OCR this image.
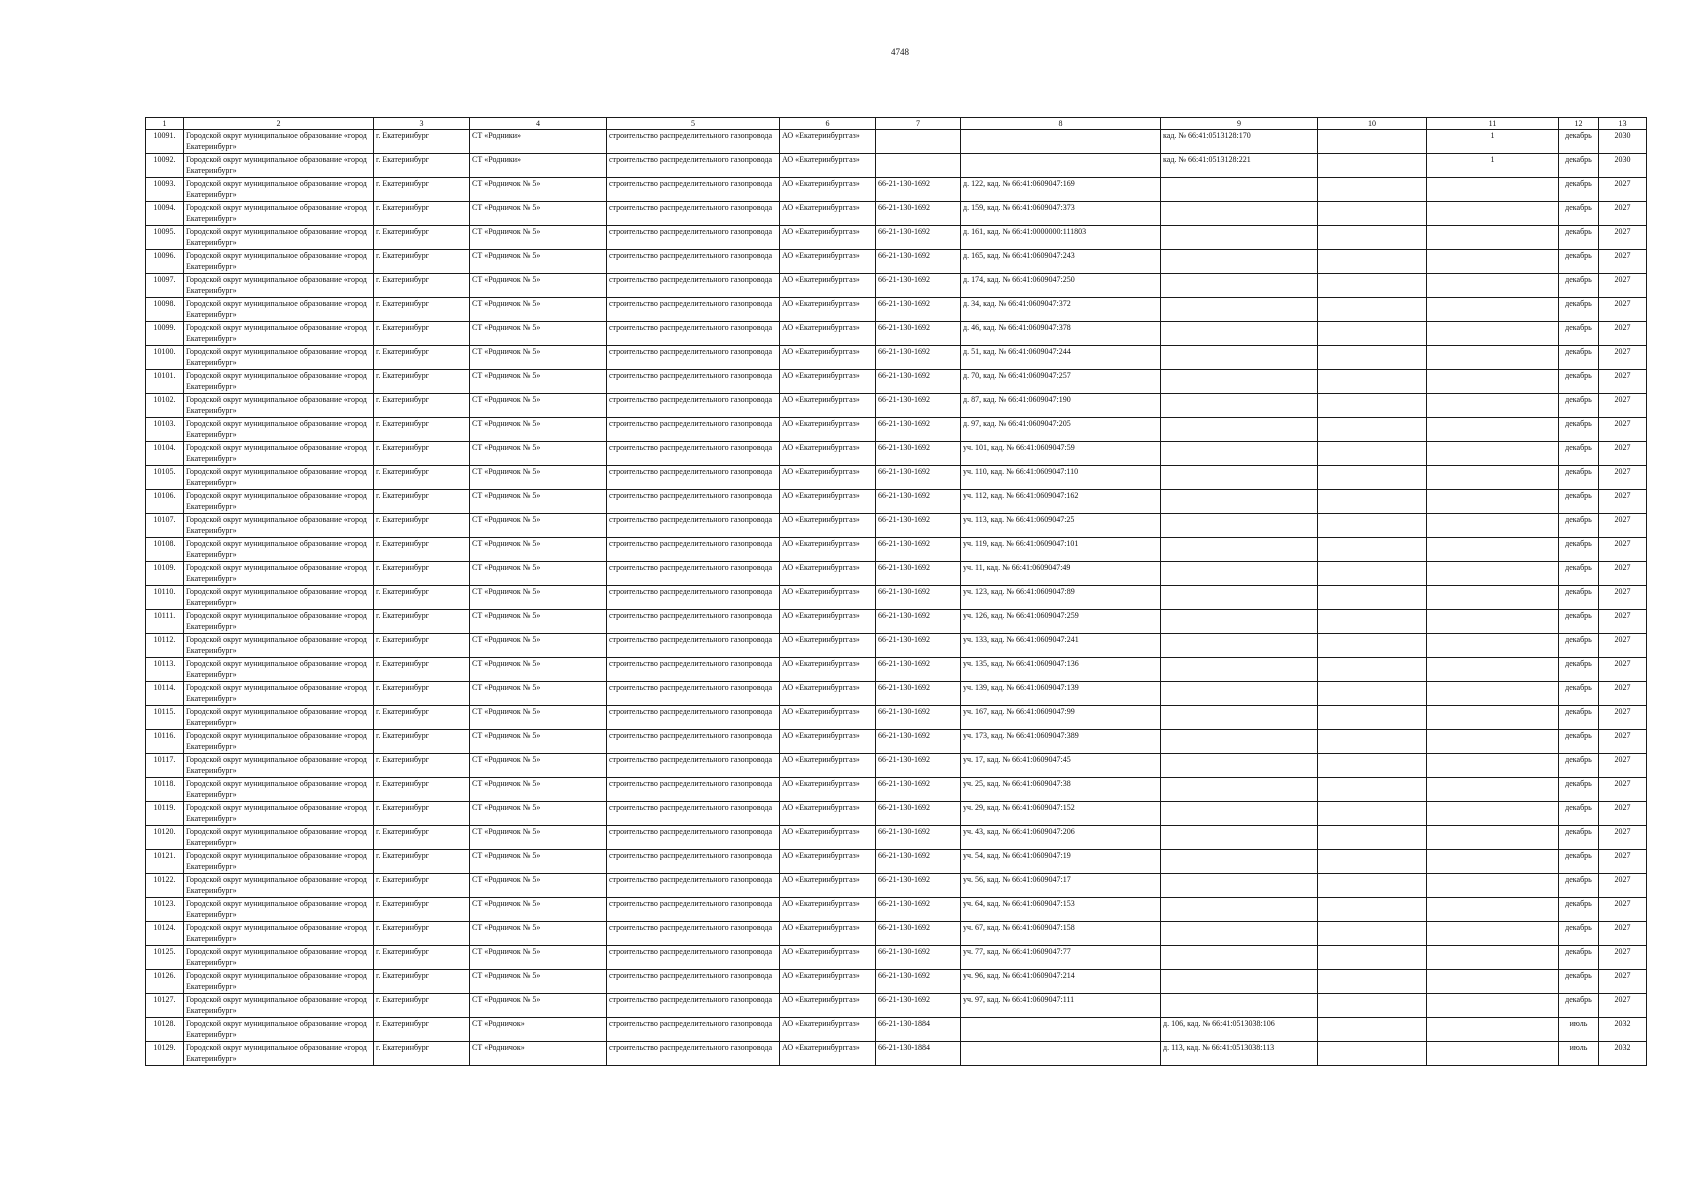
4748
1	2	3	4	5	6	7	8	9	10	11	12	13
10091.	Городской округ муниципальное образование «город Екатеринбург»	г. Екатеринбург	СТ «Родники»	строительство распределительного газопровода	АО «Екатеринбурггаз»			кад. № 66:41:0513128:170		1	декабрь	2030
10092.	Городской округ муниципальное образование «город Екатеринбург»	г. Екатеринбург	СТ «Родники»	строительство распределительного газопровода	АО «Екатеринбурггаз»			кад. № 66:41:0513128:221		1	декабрь	2030
10093.	Городской округ муниципальное образование «город Екатеринбург»	г. Екатеринбург	СТ «Родничок № 5»	строительство распределительного газопровода	АО «Екатеринбурггаз»	66-21-130-1692	д. 122, кад. № 66:41:0609047:169				декабрь	2027
10094.	Городской округ муниципальное образование «город Екатеринбург»	г. Екатеринбург	СТ «Родничок № 5»	строительство распределительного газопровода	АО «Екатеринбурггаз»	66-21-130-1692	д. 159, кад. № 66:41:0609047:373				декабрь	2027
10095.	Городской округ муниципальное образование «город Екатеринбург»	г. Екатеринбург	СТ «Родничок № 5»	строительство распределительного газопровода	АО «Екатеринбурггаз»	66-21-130-1692	д. 161, кад. № 66:41:0000000:111803				декабрь	2027
10096.	Городской округ муниципальное образование «город Екатеринбург»	г. Екатеринбург	СТ «Родничок № 5»	строительство распределительного газопровода	АО «Екатеринбурггаз»	66-21-130-1692	д. 165, кад. № 66:41:0609047:243				декабрь	2027
10097.	Городской округ муниципальное образование «город Екатеринбург»	г. Екатеринбург	СТ «Родничок № 5»	строительство распределительного газопровода	АО «Екатеринбурггаз»	66-21-130-1692	д. 174, кад. № 66:41:0609047:250				декабрь	2027
10098.	Городской округ муниципальное образование «город Екатеринбург»	г. Екатеринбург	СТ «Родничок № 5»	строительство распределительного газопровода	АО «Екатеринбурггаз»	66-21-130-1692	д. 34, кад. № 66:41:0609047:372				декабрь	2027
10099.	Городской округ муниципальное образование «город Екатеринбург»	г. Екатеринбург	СТ «Родничок № 5»	строительство распределительного газопровода	АО «Екатеринбурггаз»	66-21-130-1692	д. 46, кад. № 66:41:0609047:378				декабрь	2027
10100.	Городской округ муниципальное образование «город Екатеринбург»	г. Екатеринбург	СТ «Родничок № 5»	строительство распределительного газопровода	АО «Екатеринбурггаз»	66-21-130-1692	д. 51, кад. № 66:41:0609047:244				декабрь	2027
10101.	Городской округ муниципальное образование «город Екатеринбург»	г. Екатеринбург	СТ «Родничок № 5»	строительство распределительного газопровода	АО «Екатеринбурггаз»	66-21-130-1692	д. 70, кад. № 66:41:0609047:257				декабрь	2027
10102.	Городской округ муниципальное образование «город Екатеринбург»	г. Екатеринбург	СТ «Родничок № 5»	строительство распределительного газопровода	АО «Екатеринбурггаз»	66-21-130-1692	д. 87, кад. № 66:41:0609047:190				декабрь	2027
10103.	Городской округ муниципальное образование «город Екатеринбург»	г. Екатеринбург	СТ «Родничок № 5»	строительство распределительного газопровода	АО «Екатеринбурггаз»	66-21-130-1692	д. 97, кад. № 66:41:0609047:205				декабрь	2027
10104.	Городской округ муниципальное образование «город Екатеринбург»	г. Екатеринбург	СТ «Родничок № 5»	строительство распределительного газопровода	АО «Екатеринбурггаз»	66-21-130-1692	уч. 101, кад. № 66:41:0609047:59				декабрь	2027
10105.	Городской округ муниципальное образование «город Екатеринбург»	г. Екатеринбург	СТ «Родничок № 5»	строительство распределительного газопровода	АО «Екатеринбурггаз»	66-21-130-1692	уч. 110, кад. № 66:41:0609047:110				декабрь	2027
10106.	Городской округ муниципальное образование «город Екатеринбург»	г. Екатеринбург	СТ «Родничок № 5»	строительство распределительного газопровода	АО «Екатеринбурггаз»	66-21-130-1692	уч. 112, кад. № 66:41:0609047:162				декабрь	2027
10107.	Городской округ муниципальное образование «город Екатеринбург»	г. Екатеринбург	СТ «Родничок № 5»	строительство распределительного газопровода	АО «Екатеринбурггаз»	66-21-130-1692	уч. 113, кад. № 66:41:0609047:25				декабрь	2027
10108.	Городской округ муниципальное образование «город Екатеринбург»	г. Екатеринбург	СТ «Родничок № 5»	строительство распределительного газопровода	АО «Екатеринбурггаз»	66-21-130-1692	уч. 119, кад. № 66:41:0609047:101				декабрь	2027
10109.	Городской округ муниципальное образование «город Екатеринбург»	г. Екатеринбург	СТ «Родничок № 5»	строительство распределительного газопровода	АО «Екатеринбурггаз»	66-21-130-1692	уч. 11, кад. № 66:41:0609047:49				декабрь	2027
10110.	Городской округ муниципальное образование «город Екатеринбург»	г. Екатеринбург	СТ «Родничок № 5»	строительство распределительного газопровода	АО «Екатеринбурггаз»	66-21-130-1692	уч. 123, кад. № 66:41:0609047:89				декабрь	2027
10111.	Городской округ муниципальное образование «город Екатеринбург»	г. Екатеринбург	СТ «Родничок № 5»	строительство распределительного газопровода	АО «Екатеринбурггаз»	66-21-130-1692	уч. 126, кад. № 66:41:0609047:259				декабрь	2027
10112.	Городской округ муниципальное образование «город Екатеринбург»	г. Екатеринбург	СТ «Родничок № 5»	строительство распределительного газопровода	АО «Екатеринбурггаз»	66-21-130-1692	уч. 133, кад. № 66:41:0609047:241				декабрь	2027
10113.	Городской округ муниципальное образование «город Екатеринбург»	г. Екатеринбург	СТ «Родничок № 5»	строительство распределительного газопровода	АО «Екатеринбурггаз»	66-21-130-1692	уч. 135, кад. № 66:41:0609047:136				декабрь	2027
10114.	Городской округ муниципальное образование «город Екатеринбург»	г. Екатеринбург	СТ «Родничок № 5»	строительство распределительного газопровода	АО «Екатеринбурггаз»	66-21-130-1692	уч. 139, кад. № 66:41:0609047:139				декабрь	2027
10115.	Городской округ муниципальное образование «город Екатеринбург»	г. Екатеринбург	СТ «Родничок № 5»	строительство распределительного газопровода	АО «Екатеринбурггаз»	66-21-130-1692	уч. 167, кад. № 66:41:0609047:99				декабрь	2027
10116.	Городской округ муниципальное образование «город Екатеринбург»	г. Екатеринбург	СТ «Родничок № 5»	строительство распределительного газопровода	АО «Екатеринбурггаз»	66-21-130-1692	уч. 173, кад. № 66:41:0609047:389				декабрь	2027
10117.	Городской округ муниципальное образование «город Екатеринбург»	г. Екатеринбург	СТ «Родничок № 5»	строительство распределительного газопровода	АО «Екатеринбурггаз»	66-21-130-1692	уч. 17, кад. № 66:41:0609047:45				декабрь	2027
10118.	Городской округ муниципальное образование «город Екатеринбург»	г. Екатеринбург	СТ «Родничок № 5»	строительство распределительного газопровода	АО «Екатеринбурггаз»	66-21-130-1692	уч. 25, кад. № 66:41:0609047:38				декабрь	2027
10119.	Городской округ муниципальное образование «город Екатеринбург»	г. Екатеринбург	СТ «Родничок № 5»	строительство распределительного газопровода	АО «Екатеринбурггаз»	66-21-130-1692	уч. 29, кад. № 66:41:0609047:152				декабрь	2027
10120.	Городской округ муниципальное образование «город Екатеринбург»	г. Екатеринбург	СТ «Родничок № 5»	строительство распределительного газопровода	АО «Екатеринбурггаз»	66-21-130-1692	уч. 43, кад. № 66:41:0609047:206				декабрь	2027
10121.	Городской округ муниципальное образование «город Екатеринбург»	г. Екатеринбург	СТ «Родничок № 5»	строительство распределительного газопровода	АО «Екатеринбурггаз»	66-21-130-1692	уч. 54, кад. № 66:41:0609047:19				декабрь	2027
10122.	Городской округ муниципальное образование «город Екатеринбург»	г. Екатеринбург	СТ «Родничок № 5»	строительство распределительного газопровода	АО «Екатеринбурггаз»	66-21-130-1692	уч. 56, кад. № 66:41:0609047:17				декабрь	2027
10123.	Городской округ муниципальное образование «город Екатеринбург»	г. Екатеринбург	СТ «Родничок № 5»	строительство распределительного газопровода	АО «Екатеринбурггаз»	66-21-130-1692	уч. 64, кад. № 66:41:0609047:153				декабрь	2027
10124.	Городской округ муниципальное образование «город Екатеринбург»	г. Екатеринбург	СТ «Родничок № 5»	строительство распределительного газопровода	АО «Екатеринбурггаз»	66-21-130-1692	уч. 67, кад. № 66:41:0609047:158				декабрь	2027
10125.	Городской округ муниципальное образование «город Екатеринбург»	г. Екатеринбург	СТ «Родничок № 5»	строительство распределительного газопровода	АО «Екатеринбурггаз»	66-21-130-1692	уч. 77, кад. № 66:41:0609047:77				декабрь	2027
10126.	Городской округ муниципальное образование «город Екатеринбург»	г. Екатеринбург	СТ «Родничок № 5»	строительство распределительного газопровода	АО «Екатеринбурггаз»	66-21-130-1692	уч. 96, кад. № 66:41:0609047:214				декабрь	2027
10127.	Городской округ муниципальное образование «город Екатеринбург»	г. Екатеринбург	СТ «Родничок № 5»	строительство распределительного газопровода	АО «Екатеринбурггаз»	66-21-130-1692	уч. 97, кад. № 66:41:0609047:111				декабрь	2027
10128.	Городской округ муниципальное образование «город Екатеринбург»	г. Екатеринбург	СТ «Родничок»	строительство распределительного газопровода	АО «Екатеринбурггаз»	66-21-130-1884		д. 106, кад. № 66:41:0513038:106			июль	2032
10129.	Городской округ муниципальное образование «город Екатеринбург»	г. Екатеринбург	СТ «Родничок»	строительство распределительного газопровода	АО «Екатеринбурггаз»	66-21-130-1884		д. 113, кад. № 66:41:0513038:113			июль	2032
